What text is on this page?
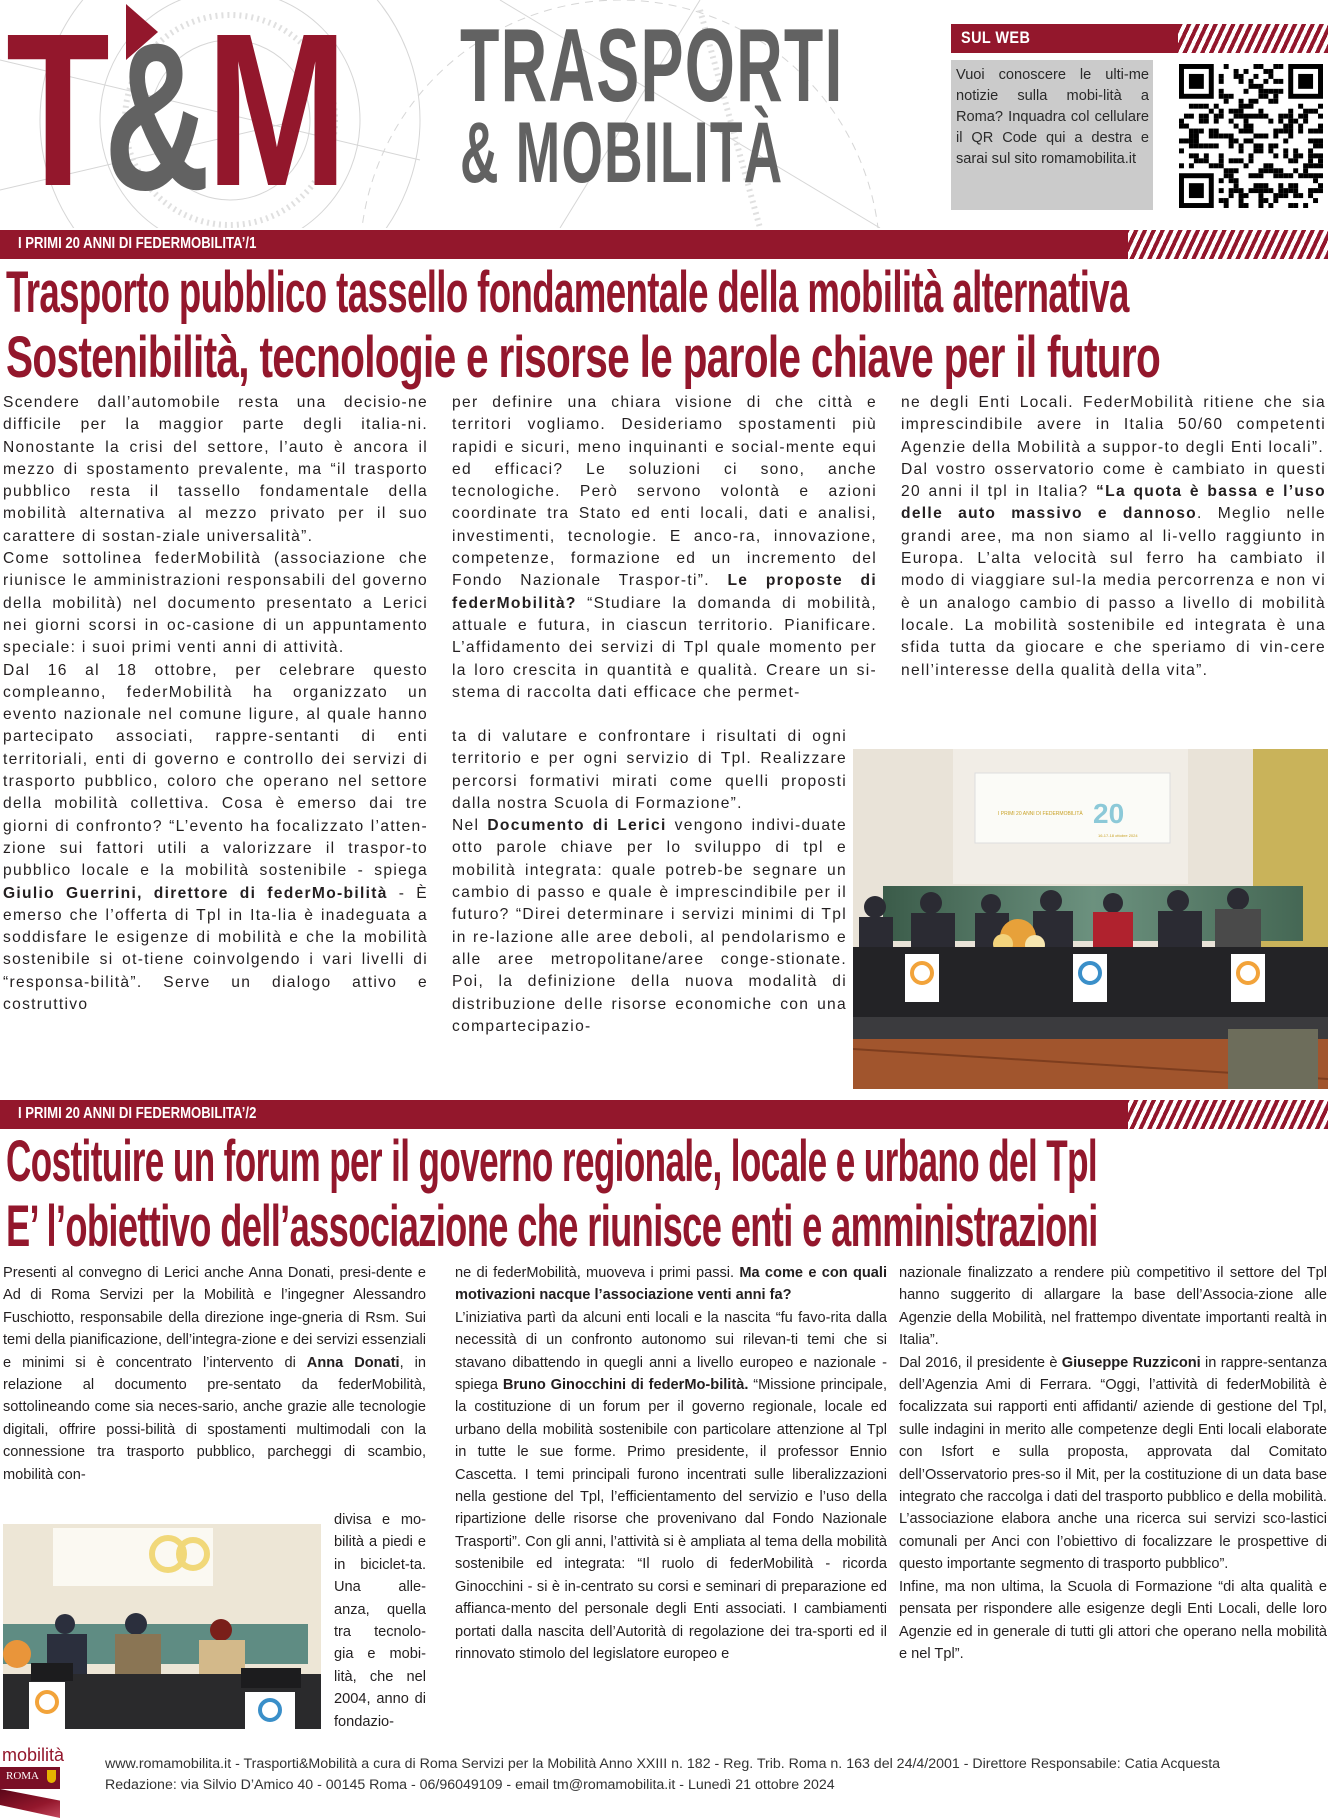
T
&
M TRASPORTI
& MOBILITÀ
SUL WEB
Vuoi conoscere le ulti-me notizie sulla mobi-lità a Roma? Inquadra col cellulare il QR Code qui a destra e sarai sul sito romamobilita.it
I PRIMI 20 ANNI DI FEDERMOBILITA’/1
Trasporto pubblico tassello fondamentale della mobilità alternativa
Sostenibilità, tecnologie e risorse le parole chiave per il futuro

Scendere dall’automobile resta una decisio-ne difficile per la maggior parte degli italia-ni. Nonostante la crisi del settore, l’auto è ancora il mezzo di spostamento prevalente, ma “il trasporto pubblico resta il tassello fondamentale della mobilità alternativa al mezzo privato per il suo carattere di sostan-ziale universalità”.

Come sottolinea federMobilità (associazione che riunisce le amministrazioni responsabili del governo della mobilità) nel documento presentato a Lerici nei giorni scorsi in oc-casione di un appuntamento speciale: i suoi primi venti anni di attività.

Dal 16 al 18 ottobre, per celebrare questo compleanno, federMobilità ha organizzato un evento nazionale nel comune ligure, al quale hanno partecipato associati, rappre-sentanti di enti territoriali, enti di governo e controllo dei servizi di trasporto pubblico, coloro che operano nel settore della mobilità collettiva. Cosa è emerso dai tre giorni di confronto? “L’evento ha focalizzato l’atten-zione sui fattori utili a valorizzare il traspor-to pubblico locale e la mobilità sostenibile - spiega Giulio Guerrini, direttore di federMo-bilità - È emerso che l’offerta di Tpl in Ita-lia è inadeguata a soddisfare le esigenze di mobilità e che la mobilità sostenibile si ot-tiene coinvolgendo i vari livelli di “responsa-bilità”. Serve un dialogo attivo e costruttivo

per definire una chiara visione di che città e territori vogliamo. Desideriamo spostamenti più rapidi e sicuri, meno inquinanti e social-mente equi ed efficaci? Le soluzioni ci sono, anche tecnologiche. Però servono volontà e azioni coordinate tra Stato ed enti locali, dati e analisi, investimenti, tecnologie. E anco-ra, innovazione, competenze, formazione ed un incremento del Fondo Nazionale Traspor-ti”. Le proposte di federMobilità? “Studiare la domanda di mobilità, attuale e futura, in ciascun territorio. Pianificare. L’affidamento dei servizi di Tpl quale momento per la loro crescita in quantità e qualità. Creare un si-stema di raccolta dati efficace che permet-

ta di valutare e confrontare i risultati di ogni territorio e per ogni servizio di Tpl. Realizzare percorsi formativi mirati come quelli proposti dalla nostra Scuola di Formazione”.

Nel Documento di Lerici vengono indivi-duate otto parole chiave per lo sviluppo di tpl e mobilità integrata: quale potreb-be segnare un cambio di passo e quale è imprescindibile per il futuro? “Direi determinare i servizi minimi di Tpl in re-lazione alle aree deboli, al pendolarismo e alle aree metropolitane/aree conge-stionate. Poi, la definizione della nuova modalità di distribuzione delle risorse economiche con una compartecipazio-

ne degli Enti Locali. FederMobilità ritiene che sia imprescindibile avere in Italia 50/60 competenti Agenzie della Mobilità a suppor-to degli Enti locali”.

Dal vostro osservatorio come è cambiato in questi 20 anni il tpl in Italia? “La quota è bassa e l’uso delle auto massivo e dannoso. Meglio nelle grandi aree, ma non siamo al li-vello raggiunto in Europa. L’alta velocità sul ferro ha cambiato il modo di viaggiare sul-la media percorrenza e non vi è un analogo cambio di passo a livello di mobilità locale. La mobilità sostenibile ed integrata è una sfida tutta da giocare e che speriamo di vin-cere nell’interesse della qualità della vita”.

I PRIMI 20 ANNI DI FEDERMOBILITÀ 20
16-17-18 ottobre 2024
I PRIMI 20 ANNI DI FEDERMOBILITA’/2
Costituire un forum per il governo regionale, locale e urbano del Tpl
E’ l’obiettivo dell’associazione che riunisce enti e amministrazioni

Presenti al convegno di Lerici anche Anna Donati, presi-dente e Ad di Roma Servizi per la Mobilità e l’ingegner Alessandro Fuschiotto, responsabile della direzione inge-gneria di Rsm. Sui temi della pianificazione, dell’integra-zione e dei servizi essenziali e minimi si è concentrato l’intervento di Anna Donati, in relazione al documento pre-sentato da federMobilità, sottolineando come sia neces-sario, anche grazie alle tecnologie digitali, offrire possi-bilità di spostamenti multimodali con la connessione tra trasporto pubblico, parcheggi di scambio, mobilità con-

divisa e mo-bilità a piedi e in biciclet-ta. Una alle-anza, quella tra tecnolo-gia e mobi-lità, che nel 2004, anno di fondazio-

ne di federMobilità, muoveva i primi passi. Ma come e con quali motivazioni nacque l’associazione venti anni fa?

L’iniziativa partì da alcuni enti locali e la nascita “fu favo-rita dalla necessità di un confronto autonomo sui rilevan-ti temi che si stavano dibattendo in quegli anni a livello europeo e nazionale - spiega Bruno Ginocchini di federMo-bilità. “Missione principale, la costituzione di un forum per il governo regionale, locale ed urbano della mobilità sostenibile con particolare attenzione al Tpl in tutte le sue forme. Primo presidente, il professor Ennio Cascetta. I temi principali furono incentrati sulle liberalizzazioni nella gestione del Tpl, l’efficientamento del servizio e l’uso della ripartizione delle risorse che provenivano dal Fondo Nazionale Trasporti”. Con gli anni, l’attività si è ampliata al tema della mobilità sostenibile ed integrata: “Il ruolo di federMobilità - ricorda Ginocchini - si è in-centrato su corsi e seminari di preparazione ed affianca-mento del personale degli Enti associati. I cambiamenti portati dalla nascita dell’Autorità di regolazione dei tra-sporti ed il rinnovato stimolo del legislatore europeo e

nazionale finalizzato a rendere più competitivo il settore del Tpl hanno suggerito di allargare la base dell’Associa-zione alle Agenzie della Mobilità, nel frattempo diventate importanti realtà in Italia”.

Dal 2016, il presidente è Giuseppe Ruzziconi in rappre-sentanza dell’Agenzia Ami di Ferrara. “Oggi, l’attività di federMobilità è focalizzata sui rapporti enti affidanti/ aziende di gestione del Tpl, sulle indagini in merito alle competenze degli Enti locali elaborate con Isfort e sulla proposta, approvata dal Comitato dell’Osservatorio pres-so il Mit, per la costituzione di un data base integrato che raccolga i dati del trasporto pubblico e della mobilità. L’associazione elabora anche una ricerca sui servizi sco-lastici comunali per Anci con l’obiettivo di focalizzare le prospettive di questo importante segmento di trasporto pubblico”.

Infine, ma non ultima, la Scuola di Formazione “di alta qualità e pensata per rispondere alle esigenze degli Enti Locali, delle loro Agenzie ed in generale di tutti gli attori che operano nella mobilità e nel Tpl”.

mobilità
ROMA
www.romamobilita.it - Trasporti&Mobilità a cura di Roma Servizi per la Mobilità Anno XXIII n. 182 - Reg. Trib. Roma n. 163 del 24/4/2001 - Direttore Responsabile: Catia Acquesta
Redazione: via Silvio D’Amico 40 - 00145 Roma - 06/96049109 - email tm@romamobilita.it - Lunedì 21 ottobre 2024
